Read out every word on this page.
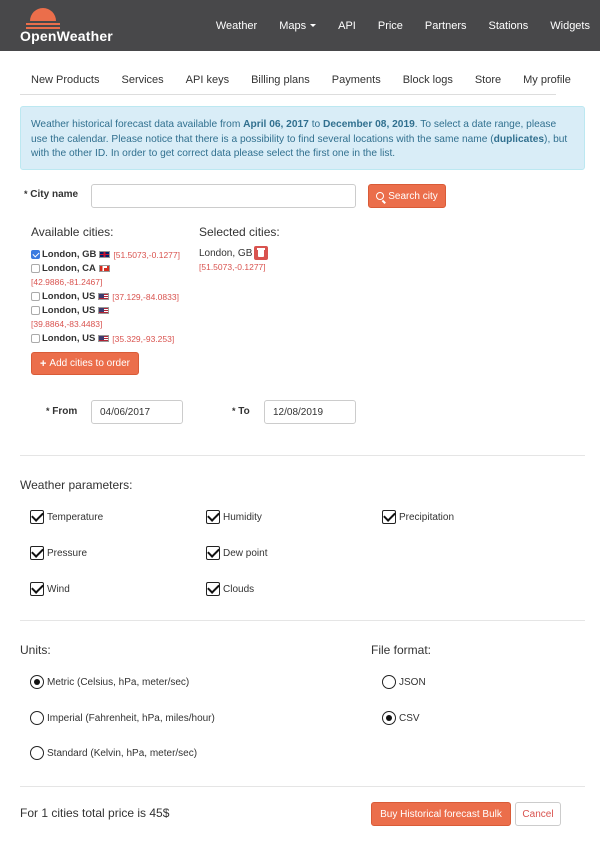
OpenWeather
Weather Maps	API Price Partners Stations Widgets
New Products	Services	API keys	Billing plans	Payments	Block logs	Store	My profile
Weather historical forecast data available from April 06, 2017 to December 08, 2019. To select a date range, please use the calendar. Please notice that there is a possibility to find several locations with the same name (duplicates), but with the other ID. In order to get correct data please select the first one in the list.
* City name	Search city
Available cities:
London, GB [51.5073,-0.1277]
London, CA
[42.9886,-81.2467]
London, US [37.129,-84.0833]
London, US
[39.8864,-83.4483]
London, US [35.329,-93.253]
+ Add cities to order
Selected cities:
London, GB
[51.5073,-0.1277]
* From
04/06/2017	* To
12/08/2019
Weather parameters:
Temperature	Humidity	Precipitation
Pressure	Dew point
Wind	Clouds
Units:
Metric (Celsius, hPa, meter/sec)
Imperial (Fahrenheit, hPa, miles/hour)
Standard (Kelvin, hPa, meter/sec)
File format:
JSON
CSV
For 1 cities total price is 45$	Buy Historical forecast Bulk	Cancel
